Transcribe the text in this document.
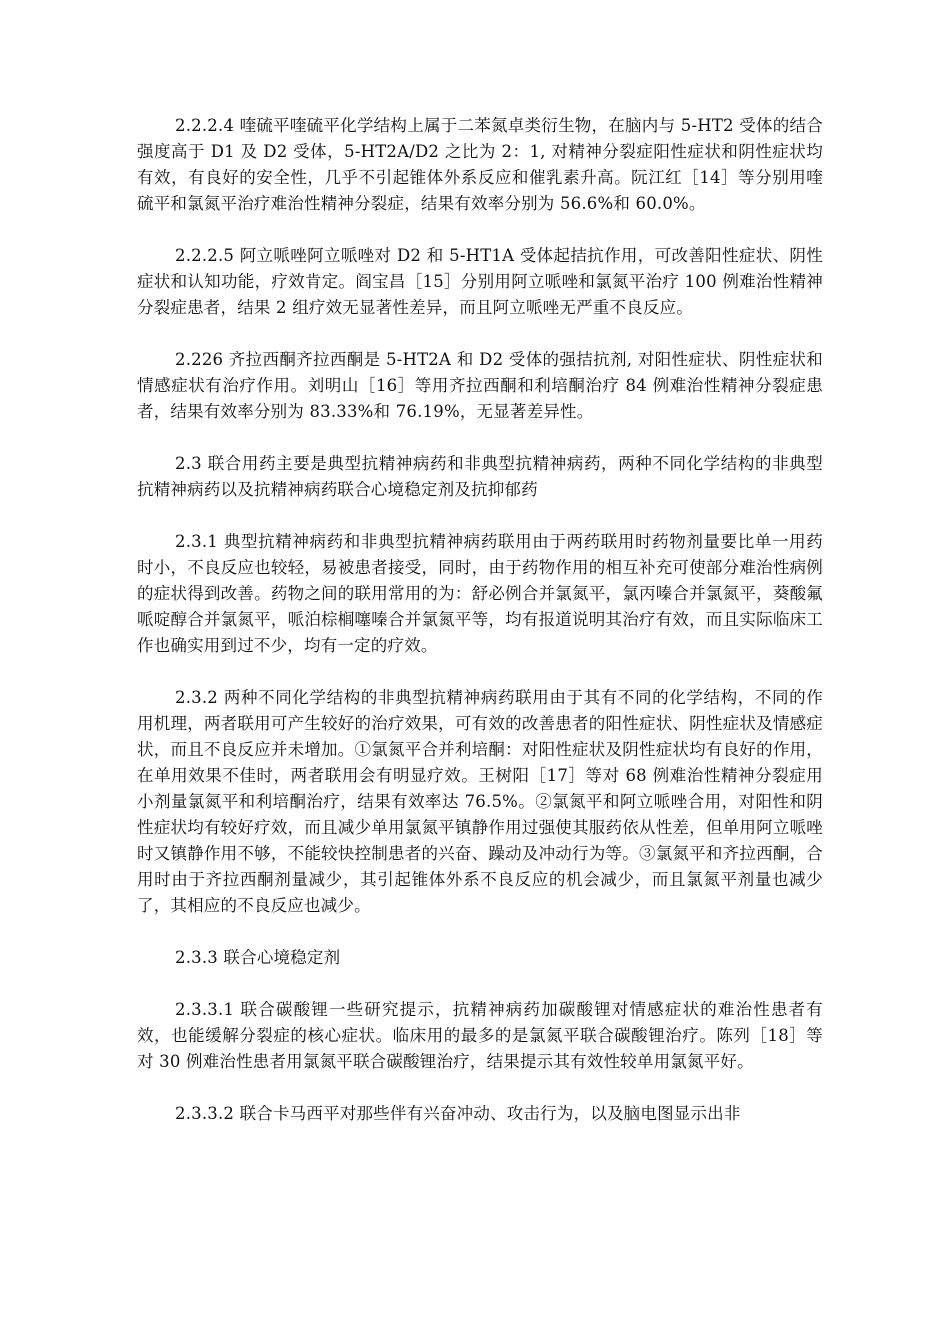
2.2.2.4 喹硫平喹硫平化学结构上属于二苯氮卓类衍生物，在脑内与 5-HT2 受体的结合强度高于 D1 及 D2 受体，5-HT2A/D2 之比为 2：1, 对精神分裂症阳性症状和阴性症状均有效，有良好的安全性，几乎不引起锥体外系反应和催乳素升高。阮江红［14］等分别用喹硫平和氯氮平治疗难治性精神分裂症，结果有效率分别为 56.6%和 60.0%。

2.2.2.5 阿立哌唑阿立哌唑对 D2 和 5-HT1A 受体起拮抗作用，可改善阳性症状、阴性症状和认知功能，疗效肯定。阎宝昌［15］分别用阿立哌唑和氯氮平治疗 100 例难治性精神分裂症患者，结果 2 组疗效无显著性差异，而且阿立哌唑无严重不良反应。

2.226 齐拉西酮齐拉西酮是 5-HT2A 和 D2 受体的强拮抗剂, 对阳性症状、阴性症状和情感症状有治疗作用。刘明山［16］等用齐拉西酮和利培酮治疗 84 例难治性精神分裂症患者，结果有效率分别为 83.33%和 76.19%，无显著差异性。

2.3 联合用药主要是典型抗精神病药和非典型抗精神病药，两种不同化学结构的非典型抗精神病药以及抗精神病药联合心境稳定剂及抗抑郁药

2.3.1 典型抗精神病药和非典型抗精神病药联用由于两药联用时药物剂量要比单一用药时小，不良反应也较轻，易被患者接受，同时，由于药物作用的相互补充可使部分难治性病例的症状得到改善。药物之间的联用常用的为：舒必例合并氯氮平，氯丙嗪合并氯氮平，葵酸氟哌啶醇合并氯氮平，哌泊棕榈噻嗪合并氯氮平等，均有报道说明其治疗有效，而且实际临床工作也确实用到过不少，均有一定的疗效。

2.3.2 两种不同化学结构的非典型抗精神病药联用由于其有不同的化学结构，不同的作用机理，两者联用可产生较好的治疗效果，可有效的改善患者的阳性症状、阴性症状及情感症状，而且不良反应并未增加。①氯氮平合并利培酮：对阳性症状及阴性症状均有良好的作用，在单用效果不佳时，两者联用会有明显疗效。王树阳［17］等对 68 例难治性精神分裂症用小剂量氯氮平和利培酮治疗，结果有效率达 76.5%。②氯氮平和阿立哌唑合用，对阳性和阴性症状均有较好疗效，而且减少单用氯氮平镇静作用过强使其服药依从性差，但单用阿立哌唑时又镇静作用不够，不能较快控制患者的兴奋、躁动及冲动行为等。③氯氮平和齐拉西酮，合用时由于齐拉西酮剂量减少，其引起锥体外系不良反应的机会减少，而且氯氮平剂量也减少了，其相应的不良反应也减少。

2.3.3 联合心境稳定剂

2.3.3.1 联合碳酸锂一些研究提示，抗精神病药加碳酸锂对情感症状的难治性患者有效，也能缓解分裂症的核心症状。临床用的最多的是氯氮平联合碳酸锂治疗。陈列［18］等对 30 例难治性患者用氯氮平联合碳酸锂治疗，结果提示其有效性较单用氯氮平好。

2.3.3.2 联合卡马西平对那些伴有兴奋冲动、攻击行为，以及脑电图显示出非
